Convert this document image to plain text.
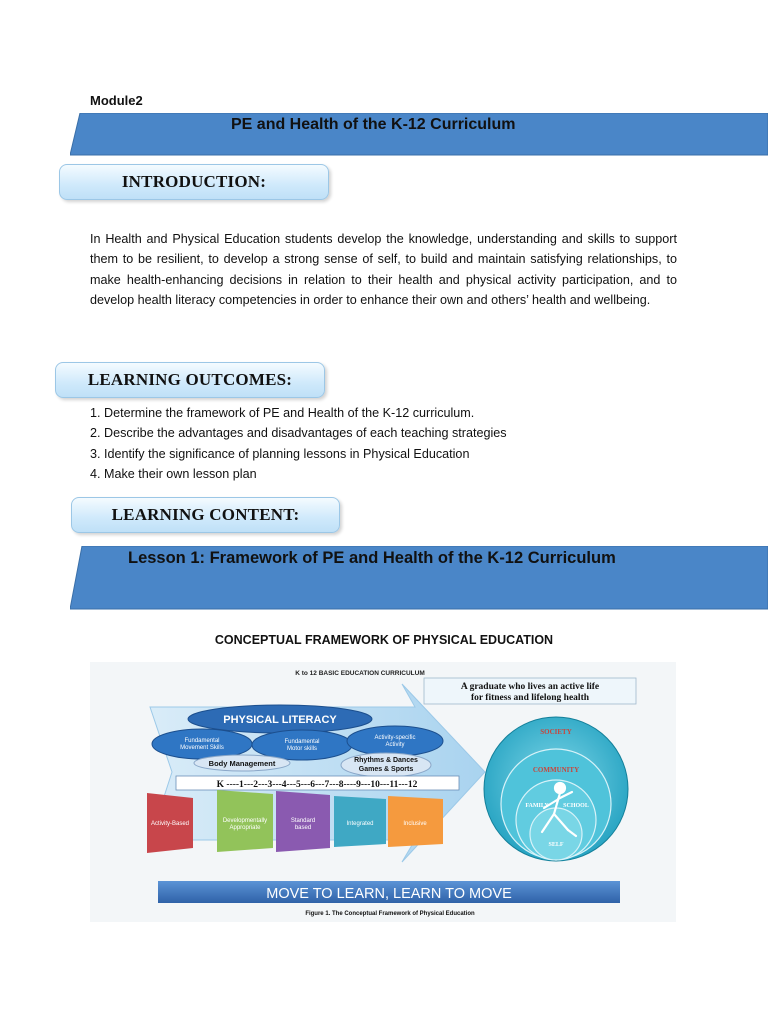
Module2
PE and Health of the K-12 Curriculum
INTRODUCTION:
In Health and Physical Education students develop the knowledge, understanding and skills to support them to be resilient, to develop a strong sense of self, to build and maintain satisfying relationships, to make health-enhancing decisions in relation to their health and physical activity participation, and to develop health literacy competencies in order to enhance their own and others’ health and wellbeing.
LEARNING OUTCOMES:
1. Determine the framework of PE and Health of the K-12 curriculum.
2. Describe the advantages and disadvantages of each teaching strategies
3. Identify the significance of planning lessons in Physical Education
4. Make their own lesson plan
LEARNING CONTENT:
Lesson 1: Framework of PE and Health of the K-12 Curriculum
CONCEPTUAL FRAMEWORK OF PHYSICAL EDUCATION
K to 12 BASIC EDUCATION CURRICULUM
A graduate who lives an active life
for fitness and lifelong health
PHYSICAL LITERACY
Fundamental
Movement Skills
Fundamental
Motor skills
Activity-specific
Activity
Body Management	Rhythms & Dances
Games & Sports
K ----1---2---3---4---5---6---7---8----9---10---11---12
Activity-Based	Developmentally
Appropriate
Standard
based
Integrated	Inclusive
SOCIETY
COMMUNITY
FAMILY SCHOOL
SELF
MOVE TO LEARN, LEARN TO MOVE
Figure 1. The Conceptual Framework of Physical Education
